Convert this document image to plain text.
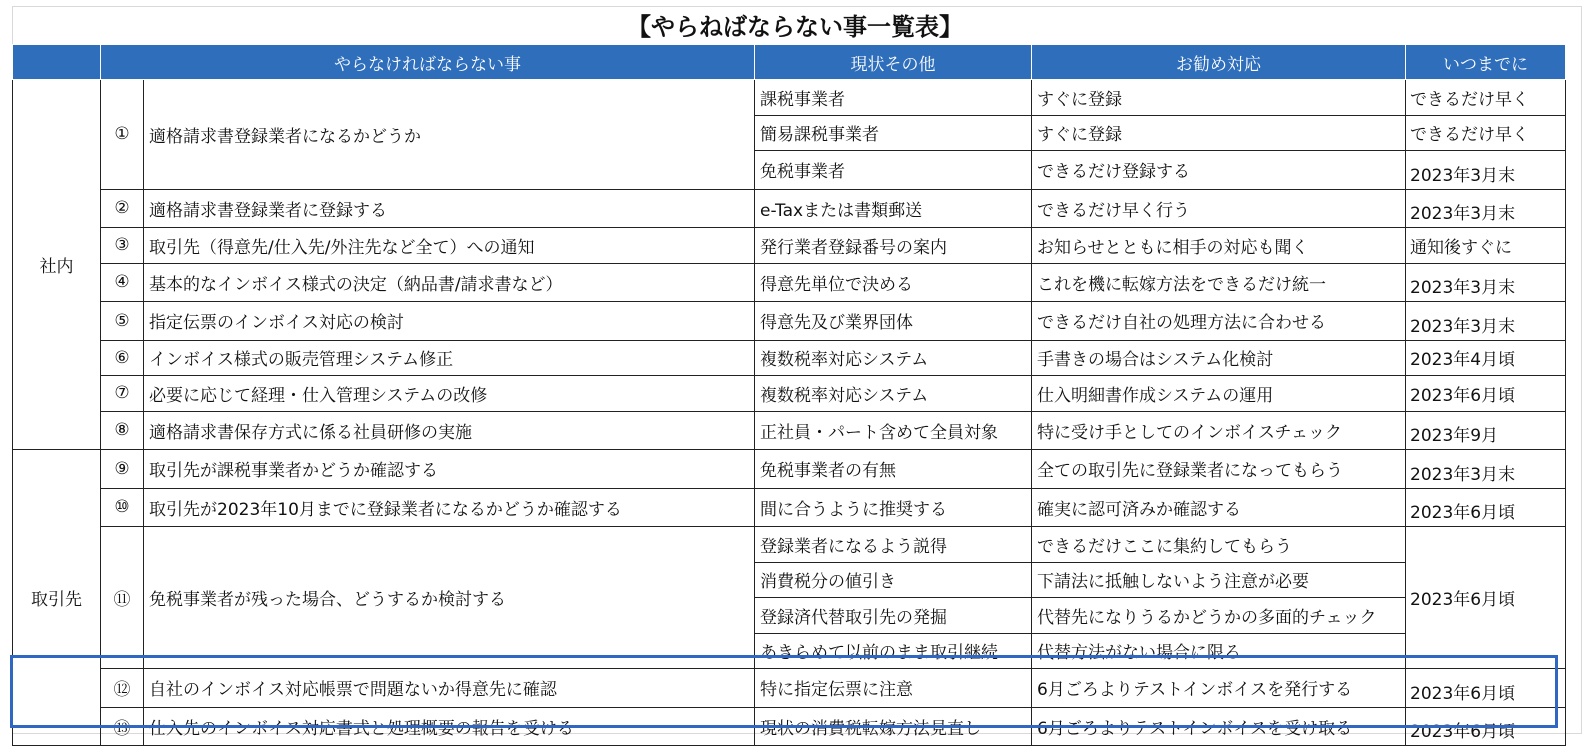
【やらねばならない事一覧表】
	やらなければならない事		現状その他	お勧め対応	いつまでに
社内	①	適格請求書登録業者になるかどうか	課税事業者	すぐに登録	できるだけ早く
			簡易課税事業者	すぐに登録	できるだけ早く
			免税事業者	できるだけ登録する	2023年3月末
	②	適格請求書登録業者に登録する	e-Taxまたは書類郵送	できるだけ早く行う	2023年3月末
	③	取引先（得意先/仕入先/外注先など全て）への通知	発行業者登録番号の案内	お知らせとともに相手の対応も聞く	通知後すぐに
	④	基本的なインボイス様式の決定（納品書/請求書など）	得意先単位で決める	これを機に転嫁方法をできるだけ統一	2023年3月末
	⑤	指定伝票のインボイス対応の検討	得意先及び業界団体	できるだけ自社の処理方法に合わせる	2023年3月末
	⑥	インボイス様式の販売管理システム修正	複数税率対応システム	手書きの場合はシステム化検討	2023年4月頃
	⑦	必要に応じて経理・仕入管理システムの改修	複数税率対応システム	仕入明細書作成システムの運用	2023年6月頃
	⑧	適格請求書保存方式に係る社員研修の実施	正社員・パート含めて全員対象	特に受け手としてのインボイスチェック	2023年9月
取引先	⑨	取引先が課税事業者かどうか確認する	免税事業者の有無	全ての取引先に登録業者になってもらう	2023年3月末
	⑩	取引先が2023年10月までに登録業者になるかどうか確認する	間に合うように推奨する	確実に認可済みか確認する	2023年6月頃
	⑪	免税事業者が残った場合、どうするか検討する	登録業者になるよう説得	できるだけここに集約してもらう	2023年6月頃
			消費税分の値引き	下請法に抵触しないよう注意が必要	
			登録済代替取引先の発掘	代替先になりうるかどうかの多面的チェック	
			あきらめて以前のまま取引継続	代替方法がない場合に限る	
	⑫	自社のインボイス対応帳票で問題ないか得意先に確認	特に指定伝票に注意	6月ごろよりテストインボイスを発行する	2023年6月頃
	⑬	仕入先のインボイス対応書式と処理概要の報告を受ける	現状の消費税転嫁方法見直し	6月ごろよりテストインボイスを受け取る	2023年6月頃
